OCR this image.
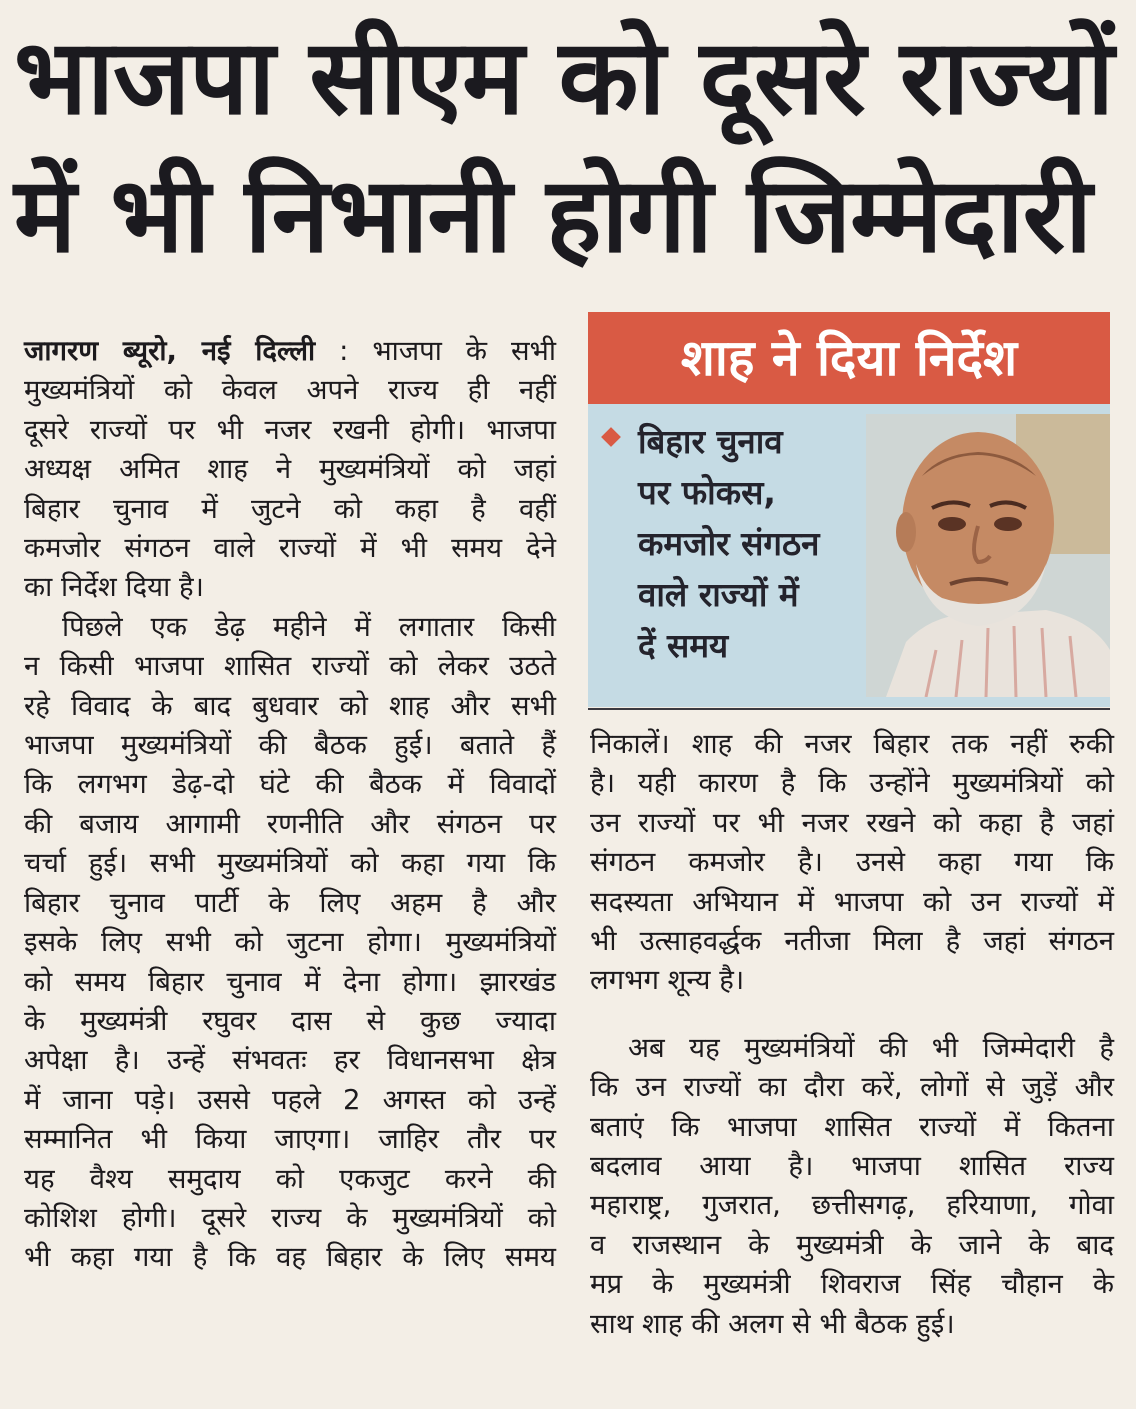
भाजपा सीएम को दूसरे राज्यों
में भी निभानी होगी जिम्मेदारी

जागरण ब्यूरो, नई दिल्ली : भाजपा के सभी

मुख्यमंत्रियों को केवल अपने राज्य ही नहीं

दूसरे राज्यों पर भी नजर रखनी होगी। भाजपा

अध्यक्ष अमित शाह ने मुख्यमंत्रियों को जहां

बिहार चुनाव में जुटने को कहा है वहीं

कमजोर संगठन वाले राज्यों में भी समय देने

का निर्देश दिया है।

पिछले एक डेढ़ महीने में लगातार किसी

न किसी भाजपा शासित राज्यों को लेकर उठते

रहे विवाद के बाद बुधवार को शाह और सभी

भाजपा मुख्यमंत्रियों की बैठक हुई। बताते हैं

कि लगभग डेढ़-दो घंटे की बैठक में विवादों

की बजाय आगामी रणनीति और संगठन पर

चर्चा हुई। सभी मुख्यमंत्रियों को कहा गया कि

बिहार चुनाव पार्टी के लिए अहम है और

इसके लिए सभी को जुटना होगा। मुख्यमंत्रियों

को समय बिहार चुनाव में देना होगा। झारखंड

के मुख्यमंत्री रघुवर दास से कुछ ज्यादा

अपेक्षा है। उन्हें संभवतः हर विधानसभा क्षेत्र

में जाना पड़े। उससे पहले 2 अगस्त को उन्हें

सम्मानित भी किया जाएगा। जाहिर तौर पर

यह वैश्य समुदाय को एकजुट करने की

कोशिश होगी। दूसरे राज्य के मुख्यमंत्रियों को

भी कहा गया है कि वह बिहार के लिए समय

शाह ने दिया निर्देश
बिहार चुनाव
पर फोकस,
कमजोर संगठन
वाले राज्यों में
दें समय

निकालें। शाह की नजर बिहार तक नहीं रुकी

है। यही कारण है कि उन्होंने मुख्यमंत्रियों को

उन राज्यों पर भी नजर रखने को कहा है जहां

संगठन कमजोर है। उनसे कहा गया कि

सदस्यता अभियान में भाजपा को उन राज्यों में

भी उत्साहवर्द्धक नतीजा मिला है जहां संगठन

लगभग शून्य है।

अब यह मुख्यमंत्रियों की भी जिम्मेदारी है

कि उन राज्यों का दौरा करें, लोगों से जुड़ें और

बताएं कि भाजपा शासित राज्यों में कितना

बदलाव आया है। भाजपा शासित राज्य

महाराष्ट्र, गुजरात, छत्तीसगढ़, हरियाणा, गोवा

व राजस्थान के मुख्यमंत्री के जाने के बाद

मप्र के मुख्यमंत्री शिवराज सिंह चौहान के

साथ शाह की अलग से भी बैठक हुई।
